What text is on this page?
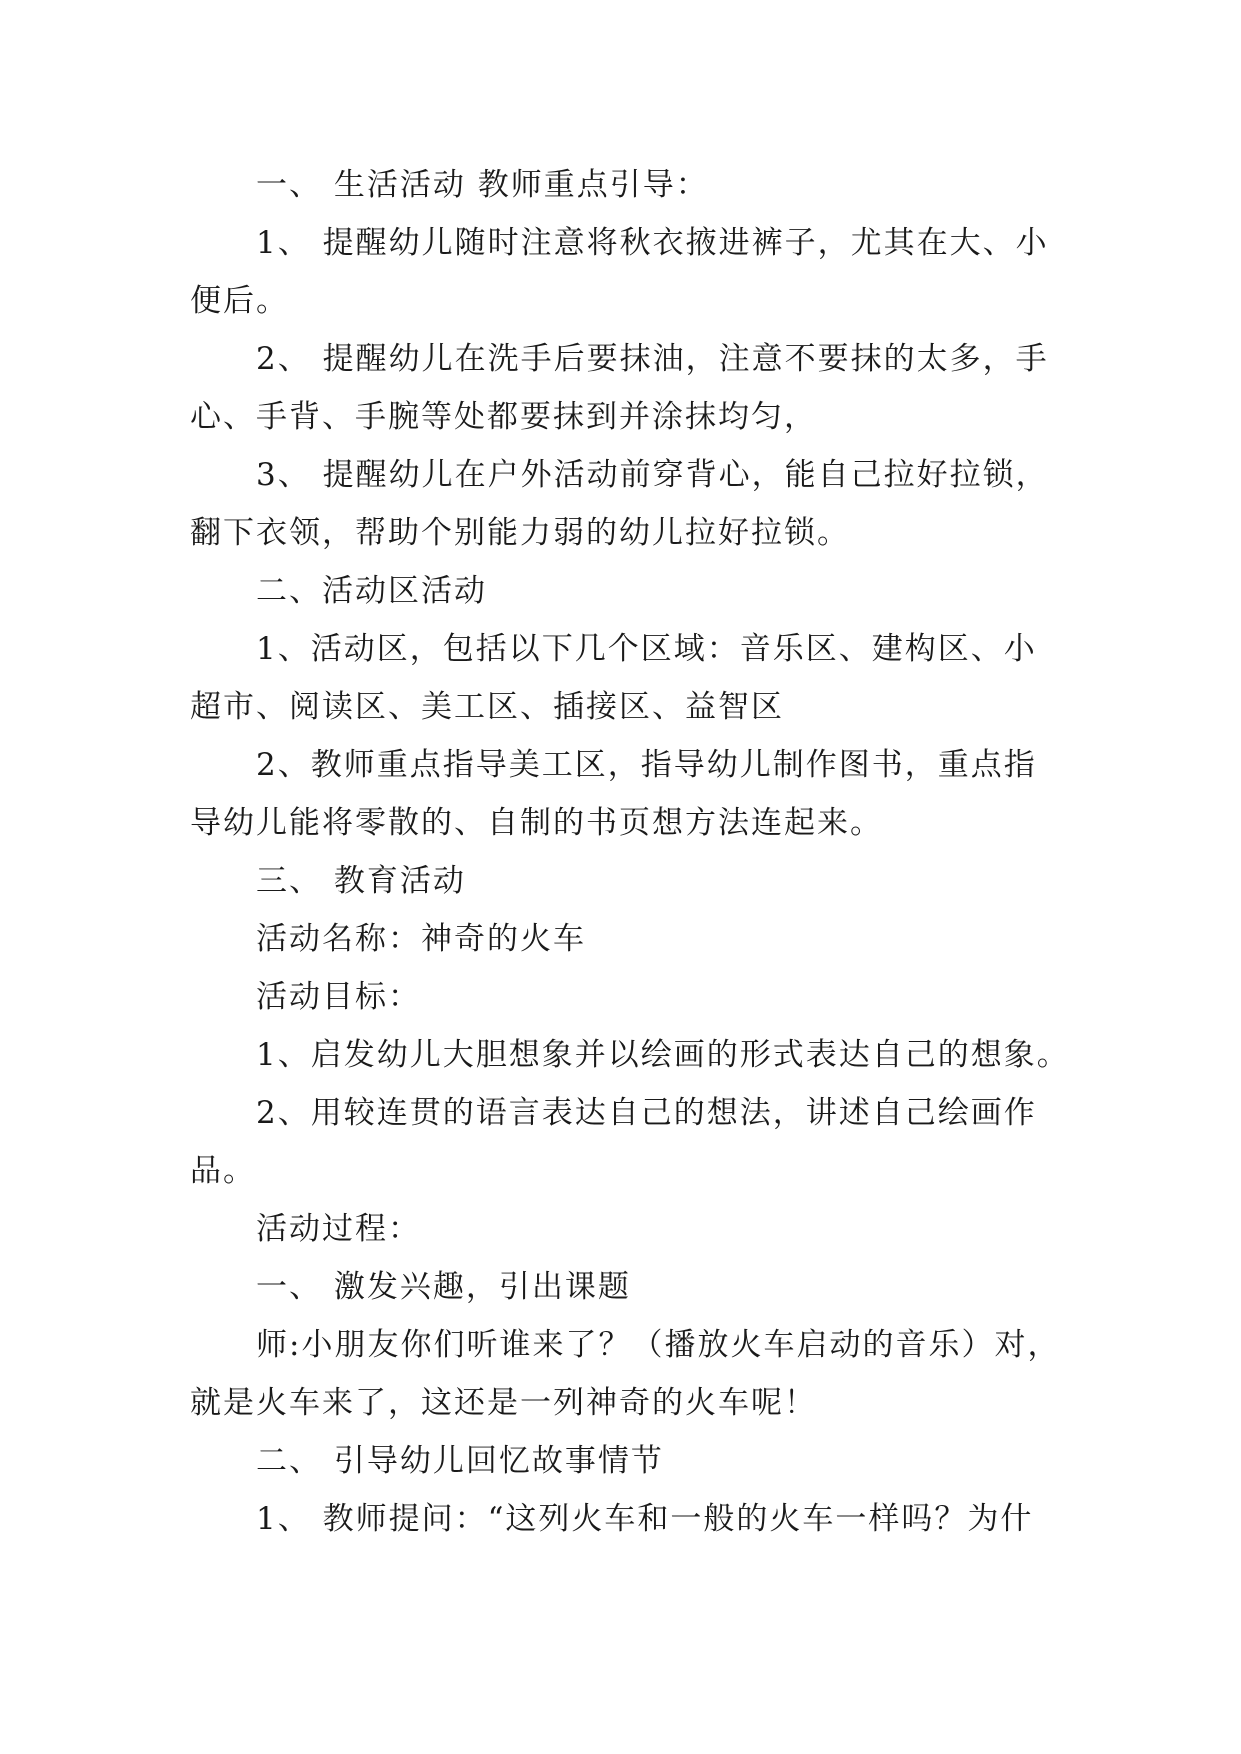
一、 生活活动 教师重点引导：

1、 提醒幼儿随时注意将秋衣掖进裤子，尤其在大、小

便后。

2、 提醒幼儿在洗手后要抹油，注意不要抹的太多，手

心、手背、手腕等处都要抹到并涂抹均匀，

3、 提醒幼儿在户外活动前穿背心，能自己拉好拉锁，

翻下衣领，帮助个别能力弱的幼儿拉好拉锁。

二、活动区活动

1、活动区，包括以下几个区域：音乐区、建构区、小

超市、阅读区、美工区、插接区、益智区

2、教师重点指导美工区，指导幼儿制作图书，重点指

导幼儿能将零散的、自制的书页想方法连起来。

三、 教育活动

活动名称：神奇的火车

活动目标：

1、启发幼儿大胆想象并以绘画的形式表达自己的想象。

2、用较连贯的语言表达自己的想法，讲述自己绘画作

品。

活动过程：

一、 激发兴趣，引出课题

师:小朋友你们听谁来了？（播放火车启动的音乐）对，

就是火车来了，这还是一列神奇的火车呢！

二、 引导幼儿回忆故事情节

1、 教师提问：“这列火车和一般的火车一样吗？为什
